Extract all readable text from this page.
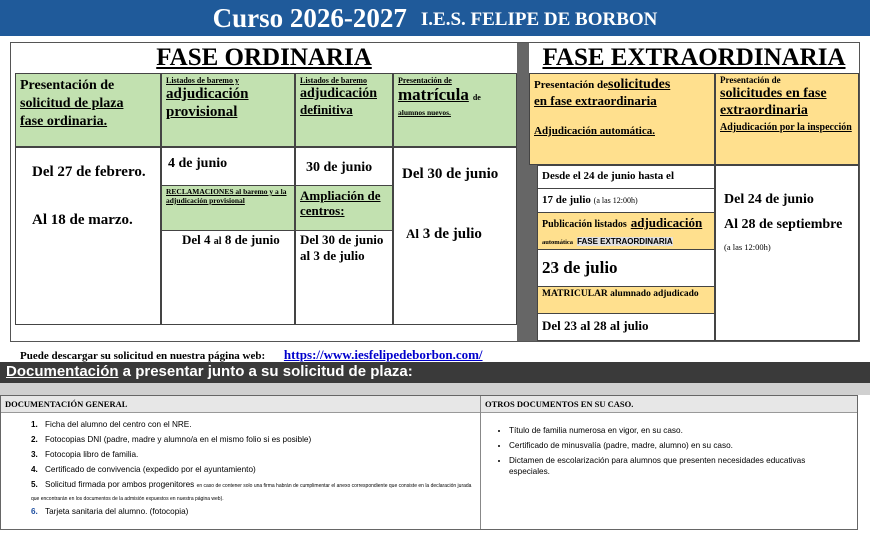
Curso 2026-2027 I.E.S. FELIPE DE BORBON
FASE ORDINARIA
Presentación de
solicitud de plaza
fase ordinaria.
Listados de baremo y
adjudicación
provisional
Listados de baremo
adjudicación
definitiva
Presentación de
matrícula de
alumnos nuevos.
Del 27 de febrero.
Al 18 de marzo.
4 de junio
RECLAMACIONES al baremo y a la adjudicación provisional
Del 4 al 8 de junio
30 de junio
Ampliación de centros:
Del 30 de junio al 3 de julio
Del 30 de junio
Al 3 de julio
FASE EXTRAORDINARIA
Presentación desolicitudes
en fase extraordinaria
Adjudicación automática.
Presentación de
solicitudes en fase
extraordinaria
Adjudicación por la inspección
Desde el 24 de junio hasta el
17 de julio (a las 12:00h)
Publicación listados adjudicación
automática FASE EXTRAORDINARIA
23 de julio
MATRICULAR alumnado adjudicado
Del 23 al 28 al julio
Del 24 de junio
Al 28 de septiembre
(a las 12:00h)
Puede descargar su solicitud en nuestra página web: https://www.iesfelipedeborbon.com/
Documentación a presentar junto a su solicitud de plaza:
DOCUMENTACIÓN GENERAL
1. Ficha del alumno del centro con el NRE.
2. Fotocopias DNI (padre, madre y alumno/a en el mismo folio si es posible)
3. Fotocopia libro de familia.
4. Certificado de convivencia (expedido por el ayuntamiento)
5. Solicitud firmada por ambos progenitores en caso de contener solo una firma habrán de cumplimentar el anexo correspondiente que consiste en la declaración jurada que encontrarán en los documentos de la admisión expuestos en nuestra página web).
6. Tarjeta sanitaria del alumno. (fotocopia)
OTROS DOCUMENTOS EN SU CASO.
• Título de familia numerosa en vigor, en su caso.
• Certificado de minusvalía (padre, madre, alumno) en su caso.
• Dictamen de escolarización para alumnos que presenten necesidades educativas especiales.
